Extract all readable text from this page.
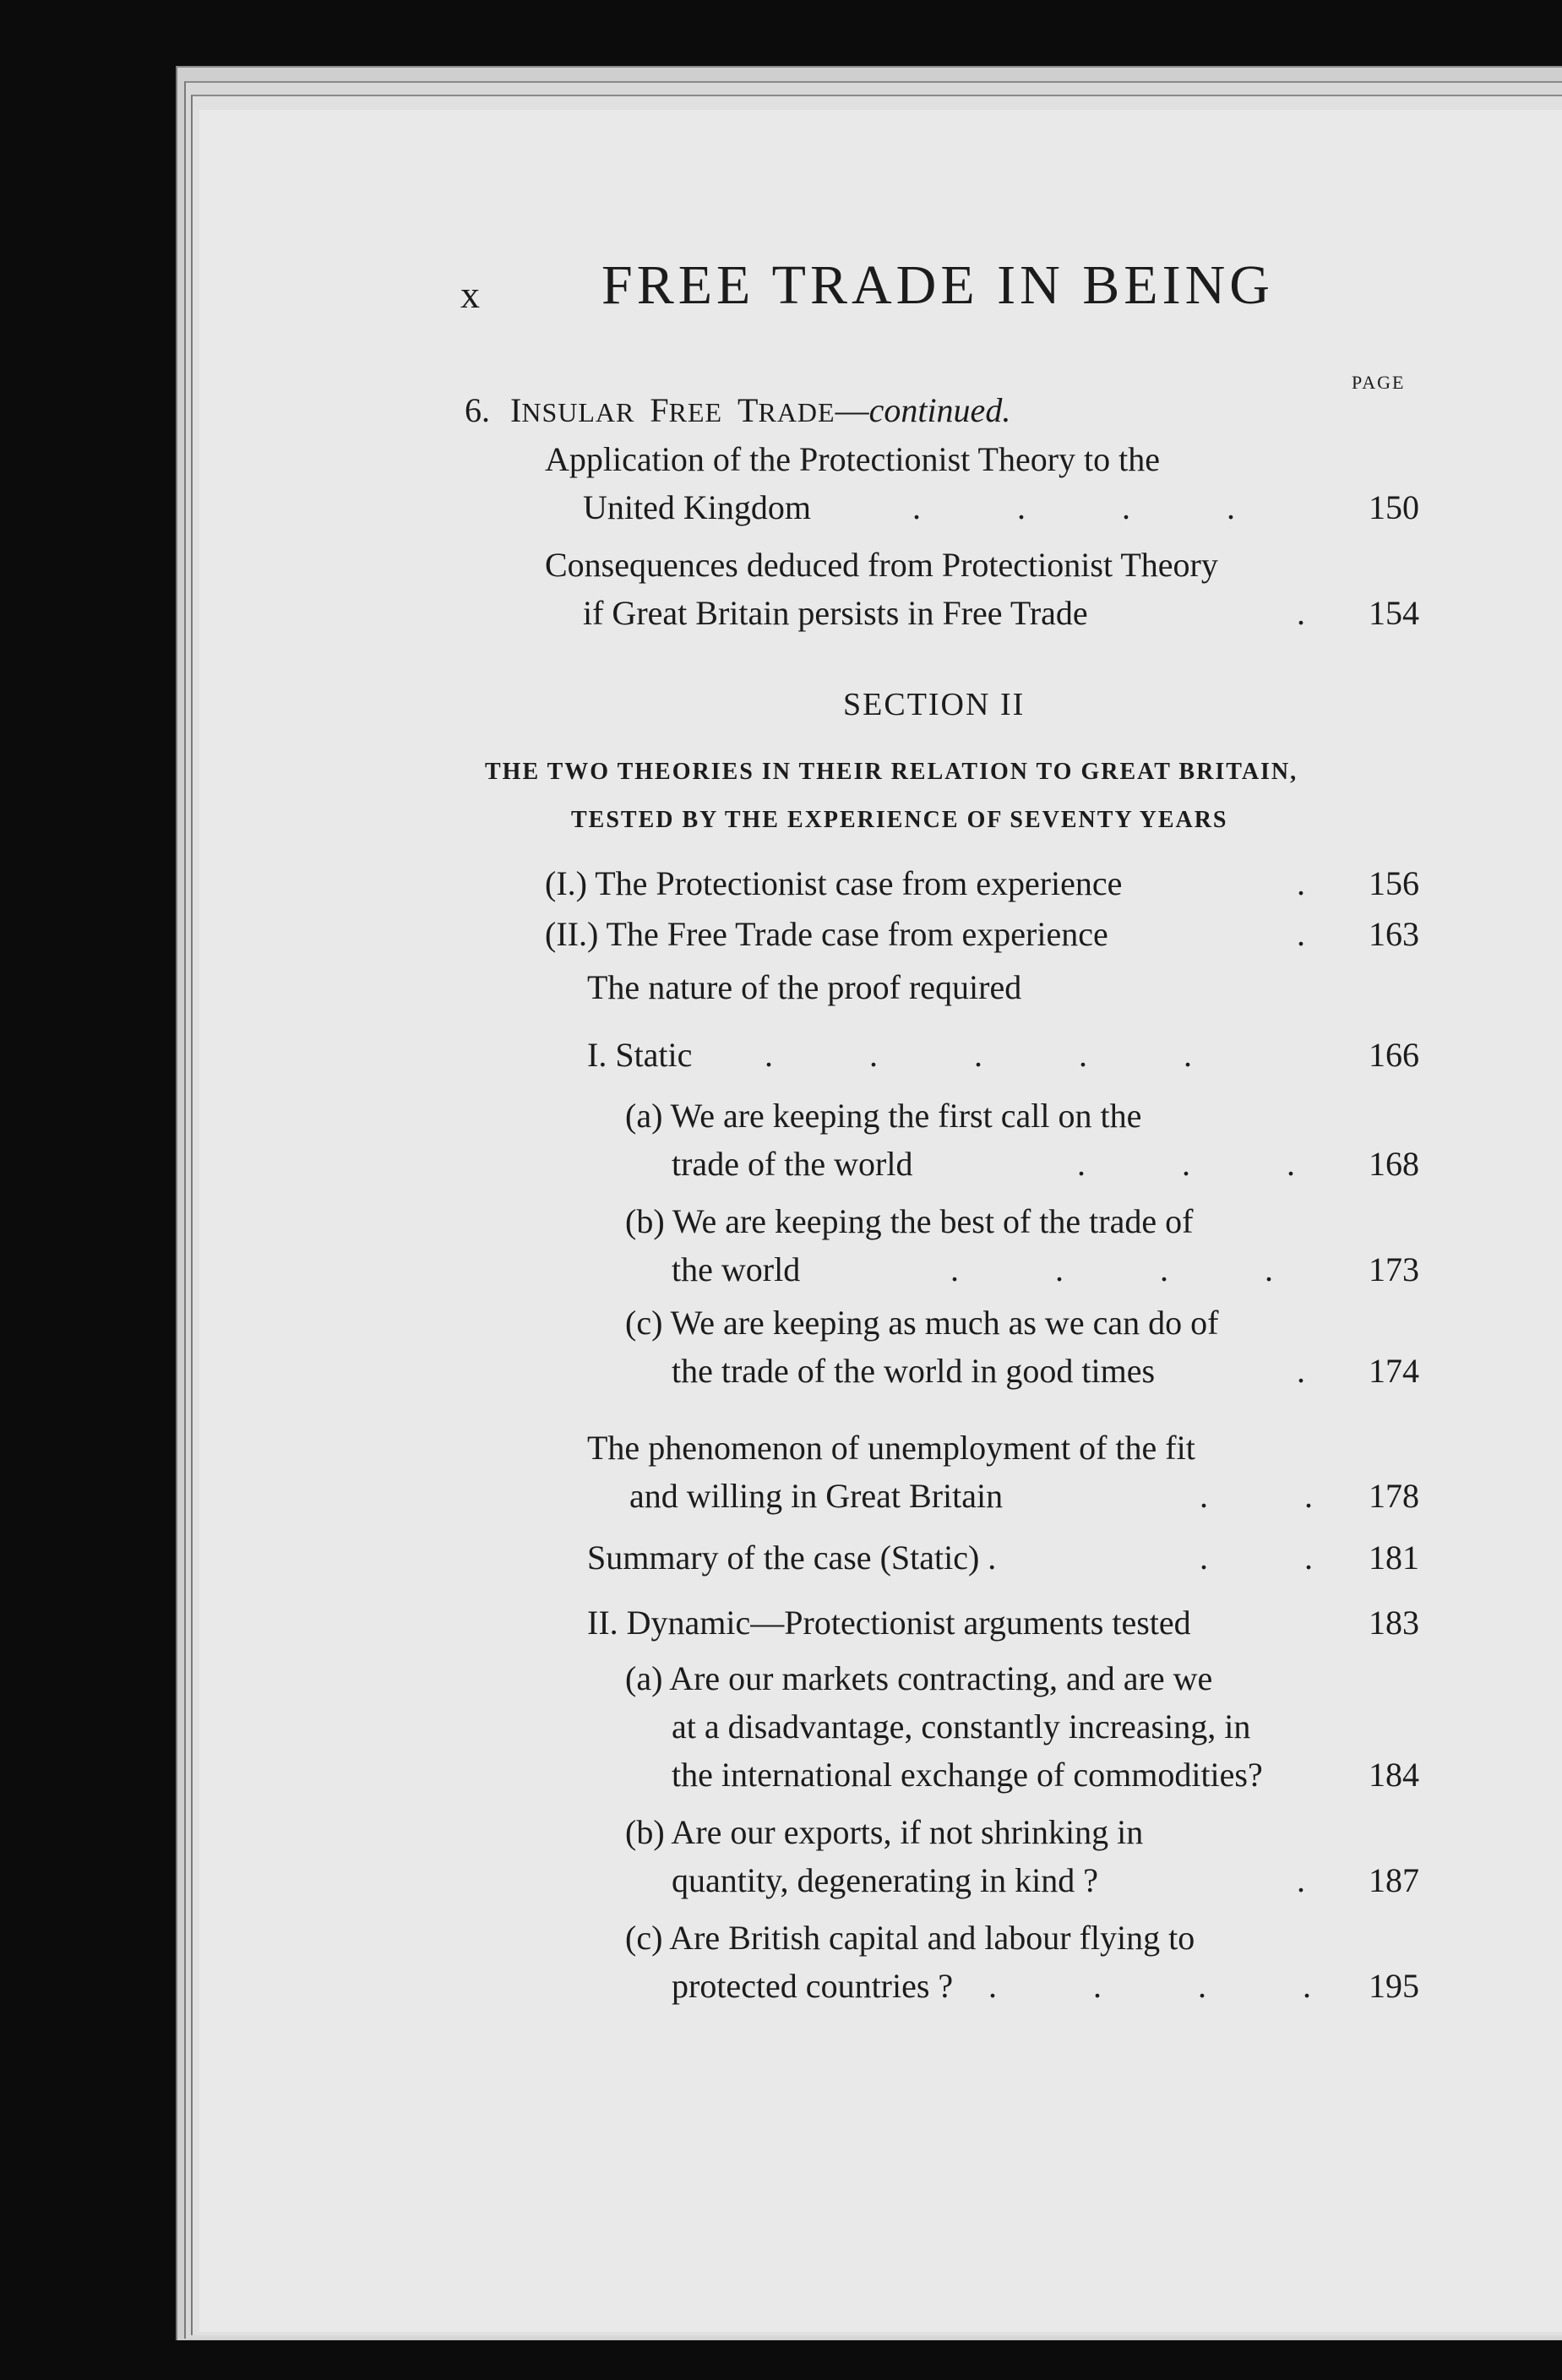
x FREE TRADE IN BEING
PAGE
6. INSULAR FREE TRADE—continued.
Application of the Protectionist Theory to the
United Kingdom	. . . .	150
Consequences deduced from Protectionist Theory
if Great Britain persists in Free Trade	.	154
SECTION II
THE TWO THEORIES IN THEIR RELATION TO GREAT BRITAIN,
TESTED BY THE EXPERIENCE OF SEVENTY YEARS
(I.) The Protectionist case from experience	.	156
(II.) The Free Trade case from experience	.	163
The nature of the proof required
I. Static . . . . .	166
(a) We are keeping the first call on the
trade of the world	. . . 168
(b) We are keeping the best of the trade of
the world	. . . .	173
(c) We are keeping as much as we can do of
the trade of the world in good times	.	174
The phenomenon of unemployment of the fit
and willing in Great Britain	. . 178
Summary of the case (Static) .	. . 181
II. Dynamic—Protectionist arguments tested	183
(a) Are our markets contracting, and are we
at a disadvantage, constantly increasing, in
the international exchange of commodities?	184
(b) Are our exports, if not shrinking in
quantity, degenerating in kind ?	.	187
(c) Are British capital and labour flying to
protected countries ? . . . . 195
